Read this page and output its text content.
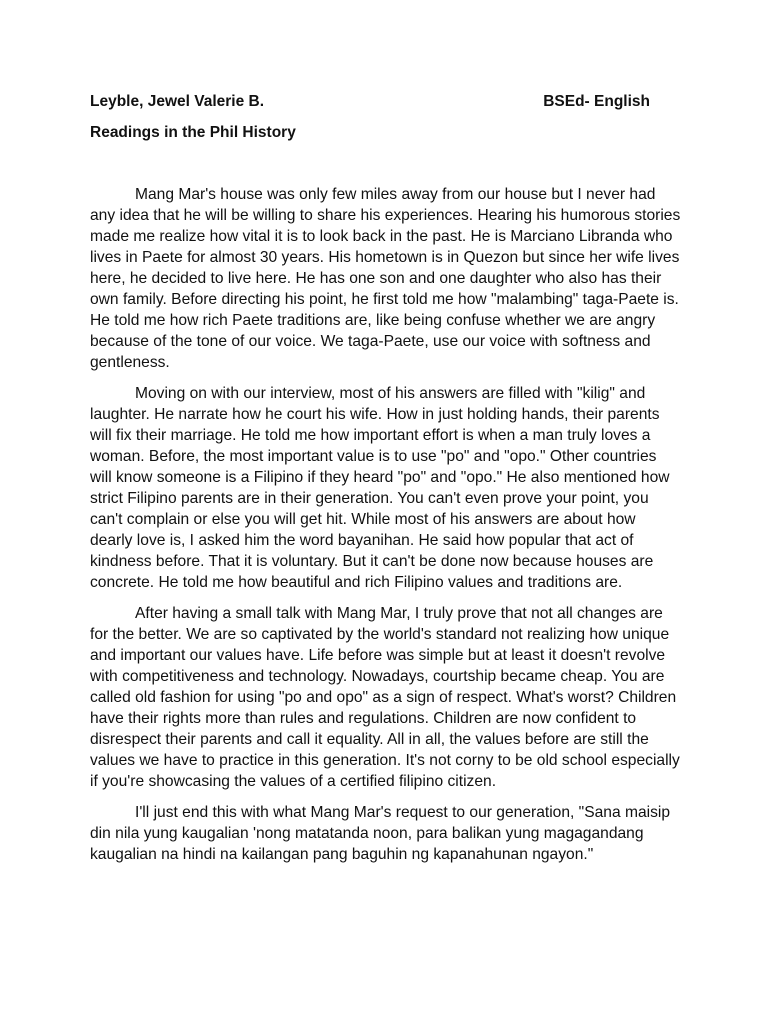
Leyble, Jewel Valerie B.	BSEd- English
Readings in the Phil History

Mang Mar's house was only few miles away from our house but I never had any idea that he will be willing to share his experiences. Hearing his humorous stories made me realize how vital it is to look back in the past. He is Marciano Libranda who lives in Paete for almost 30 years. His hometown is in Quezon but since her wife lives here, he decided to live here. He has one son and one daughter who also has their own family. Before directing his point, he first told me how "malambing" taga-Paete is. He told me how rich Paete traditions are, like being confuse whether we are angry because of the tone of our voice. We taga-Paete, use our voice with softness and gentleness.

Moving on with our interview, most of his answers are filled with "kilig" and laughter. He narrate how he court his wife. How in just holding hands, their parents will fix their marriage. He told me how important effort is when a man truly loves a woman. Before, the most important value is to use "po" and "opo." Other countries will know someone is a Filipino if they heard "po" and "opo." He also mentioned how strict Filipino parents are in their generation. You can't even prove your point, you can't complain or else you will get hit. While most of his answers are about how dearly love is, I asked him the word bayanihan. He said how popular that act of kindness before. That it is voluntary. But it can't be done now because houses are concrete. He told me how beautiful and rich Filipino values and traditions are.

After having a small talk with Mang Mar, I truly prove that not all changes are for the better. We are so captivated by the world's standard not realizing how unique and important our values have. Life before was simple but at least it doesn't revolve with competitiveness and technology. Nowadays, courtship became cheap. You are called old fashion for using "po and opo" as a sign of respect. What's worst? Children have their rights more than rules and regulations. Children are now confident to disrespect their parents and call it equality. All in all, the values before are still the values we have to practice in this generation. It's not corny to be old school especially if you're showcasing the values of a certified filipino citizen.

I'll just end this with what Mang Mar's request to our generation, "Sana maisip din nila yung kaugalian 'nong matatanda noon, para balikan yung magagandang kaugalian na hindi na kailangan pang baguhin ng kapanahunan ngayon."
